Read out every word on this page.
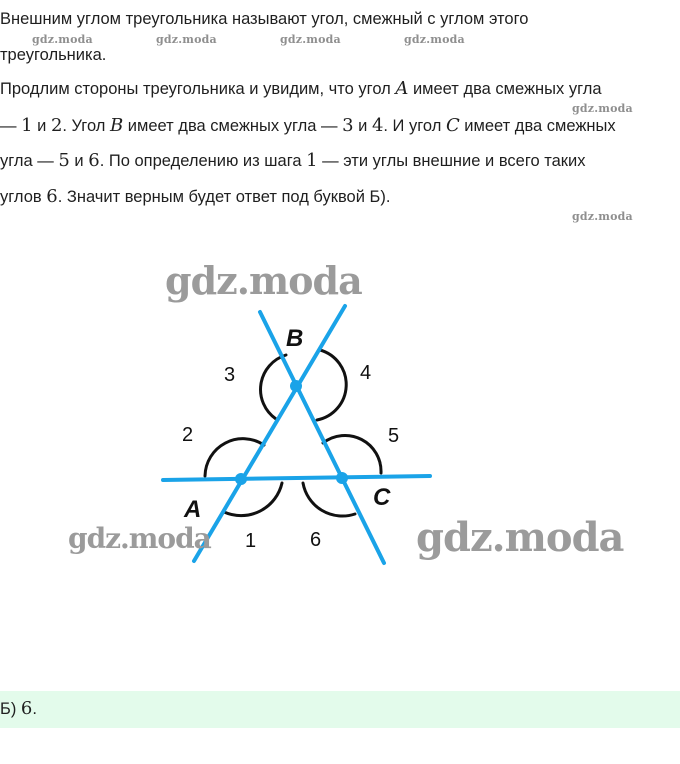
Внешним углом треугольника называют угол, смежный с углом этого

треугольника.

Продлим стороны треугольника и увидим, что угол A имеет два смежных угла

— 1 и 2. Угол B имеет два смежных угла — 3 и 4. И угол C имеет два смежных

угла — 5 и 6. По определению из шага 1 — эти углы внешние и всего таких

углов 6. Значит верным будет ответ под буквой Б).

gdz.moda	gdz.moda	gdz.moda	gdz.moda
gdz.moda
gdz.moda
B
A	C
3	4
2	5
1	6
gdz.moda
gdz.moda	gdz.moda
Б) 6.
